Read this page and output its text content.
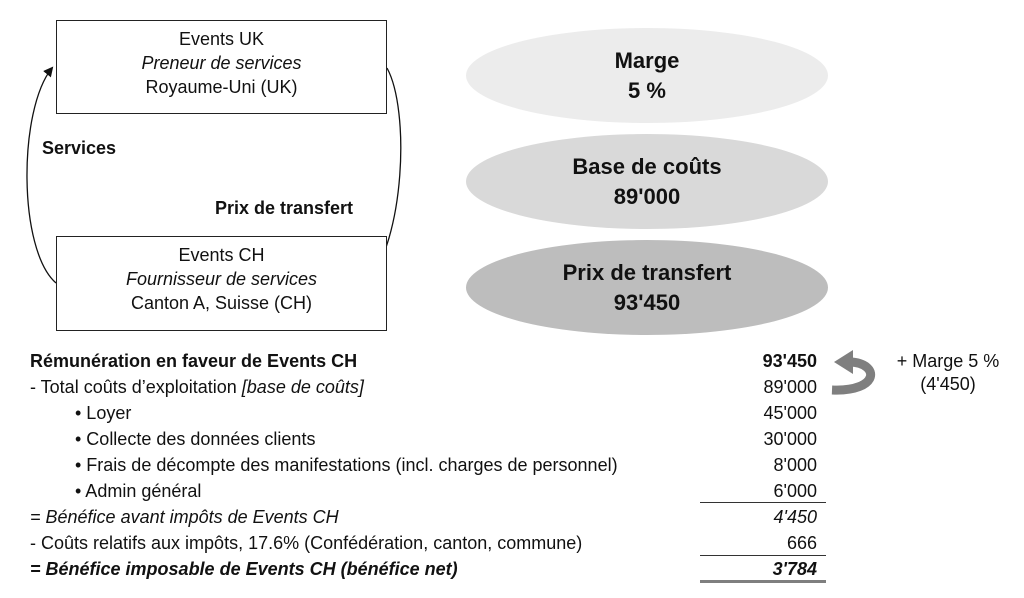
Events UK
Preneur de services
Royaume-Uni (UK)
Events CH
Fournisseur de services
Canton A, Suisse (CH)
Services
Prix de transfert
Marge
5 %
Base de coûts
89'000
Prix de transfert
93'450
Rémunération en faveur de Events CH	93'450
- Total coûts d’exploitation [base de coûts]	89'000
• Loyer	45'000
• Collecte des données clients	30'000
• Frais de décompte des manifestations (incl. charges de personnel)	8'000
• Admin général	6'000
= Bénéfice avant impôts de Events CH	4'450
- Coûts relatifs aux impôts, 17.6% (Confédération, canton, commune)	666
= Bénéfice imposable de Events CH (bénéfice net)	3'784
+ Marge 5 %
(4'450)
